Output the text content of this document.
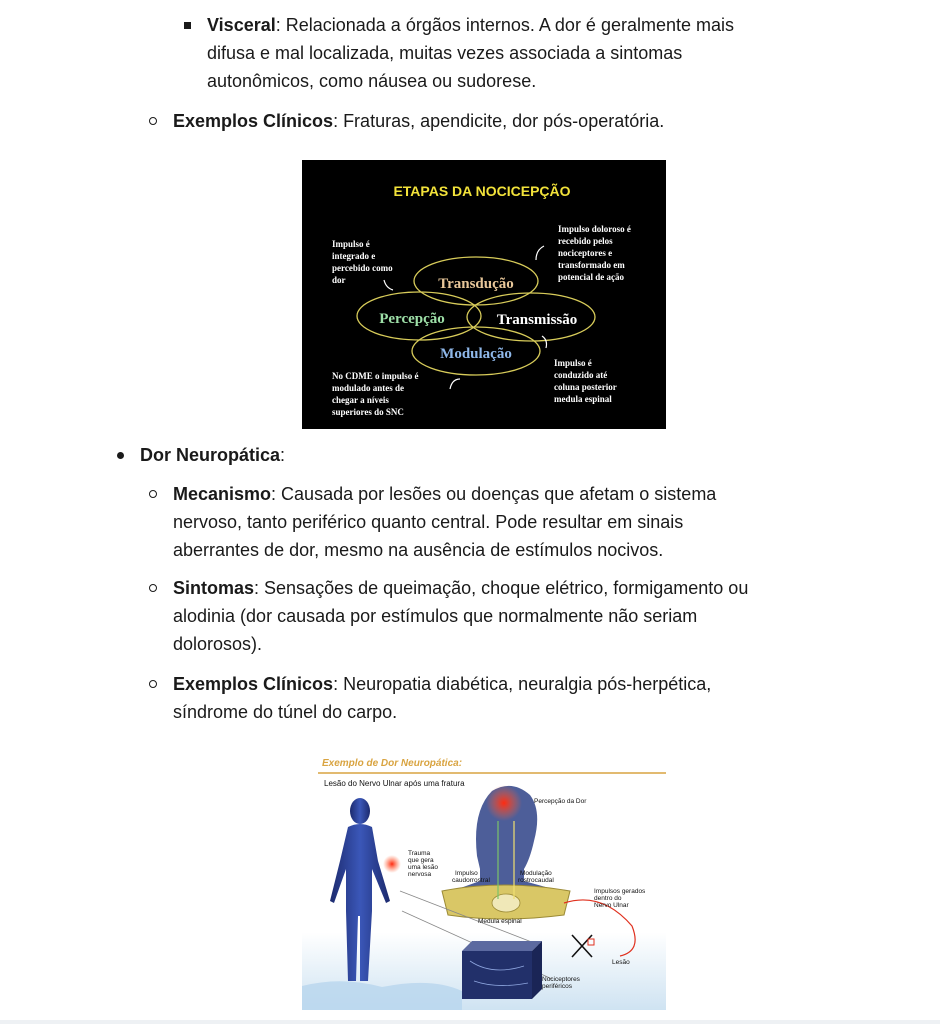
Visceral: Relacionada a órgãos internos. A dor é geralmente mais
difusa e mal localizada, muitas vezes associada a sintomas
autonômicos, como náusea ou sudorese.
Exemplos Clínicos: Fraturas, apendicite, dor pós-operatória.
ETAPAS DA NOCICEPÇÃO
Transdução
Percepção	Transmissão
Modulação
Impulso é
integrado e
percebido como
dor
Impulso doloroso é
recebido pelos
nociceptores e
transformado em
potencial de ação
No CDME o impulso é
modulado antes de
chegar a níveis
superiores do SNC
Impulso é
conduzido até
coluna posterior
medula espinal
Dor Neuropática:
Mecanismo: Causada por lesões ou doenças que afetam o sistema
nervoso, tanto periférico quanto central. Pode resultar em sinais
aberrantes de dor, mesmo na ausência de estímulos nocivos.
Sintomas: Sensações de queimação, choque elétrico, formigamento ou
alodinia (dor causada por estímulos que normalmente não seriam
dolorosos).
Exemplos Clínicos: Neuropatia diabética, neuralgia pós-herpética,
síndrome do túnel do carpo.
Exemplo de Dor Neuropática:
Lesão do Nervo Ulnar após uma fratura
Percepção da Dor
Trauma
que gera
uma lesão
nervosa	Impulso
caudorrostral
Modulação
rostrocaudal
Impulsos gerados
dentro do
Nervo Ulnar
Medula espinal
Lesão
Nociceptores
periféricos
